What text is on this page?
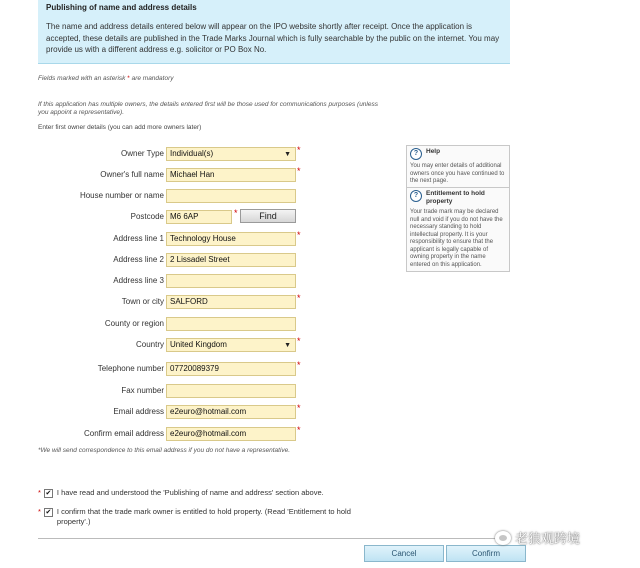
Publishing of name and address details
The name and address details entered below will appear on the IPO website shortly after receipt. Once the application is accepted, these details are published in the Trade Marks Journal which is fully searchable by the public on the internet. You may provide us with a different address e.g. solicitor or PO Box No.
Fields marked with an asterisk * are mandatory
If this application has multiple owners, the details entered first will be those used for communications purposes (unless you appoint a representative).
Enter first owner details (you can add more owners later)
Owner Type Individual(s)	▼ *
Owner's full name Michael Han	*
House number or name
Postcode M6 6AP	*	Find
Address line 1 Technology House	*
Address line 2 2 Lissadel Street
Address line 3
Town or city SALFORD	*
County or region
Country United Kingdom	▼ *
Telephone number 07720089379	*
Fax number
Email address e2euro@hotmail.com	*
Confirm email address e2euro@hotmail.com	*
*We will send correspondence to this email address if you do not have a representative.
?	Help
You may enter details of additional owners once you have continued to the next page.
?	Entitlement to hold property
Your trade mark may be declared null and void if you do not have the necessary standing to hold intellectual property. It is your responsibility to ensure that the applicant is legally capable of owning property in the name entered on this application.
* ✔ I have read and understood the 'Publishing of name and address' section above.
* ✔ I confirm that the trade mark owner is entitled to hold property. (Read 'Entitlement to hold property'.)
Cancel	Confirm
老狼观跨境
